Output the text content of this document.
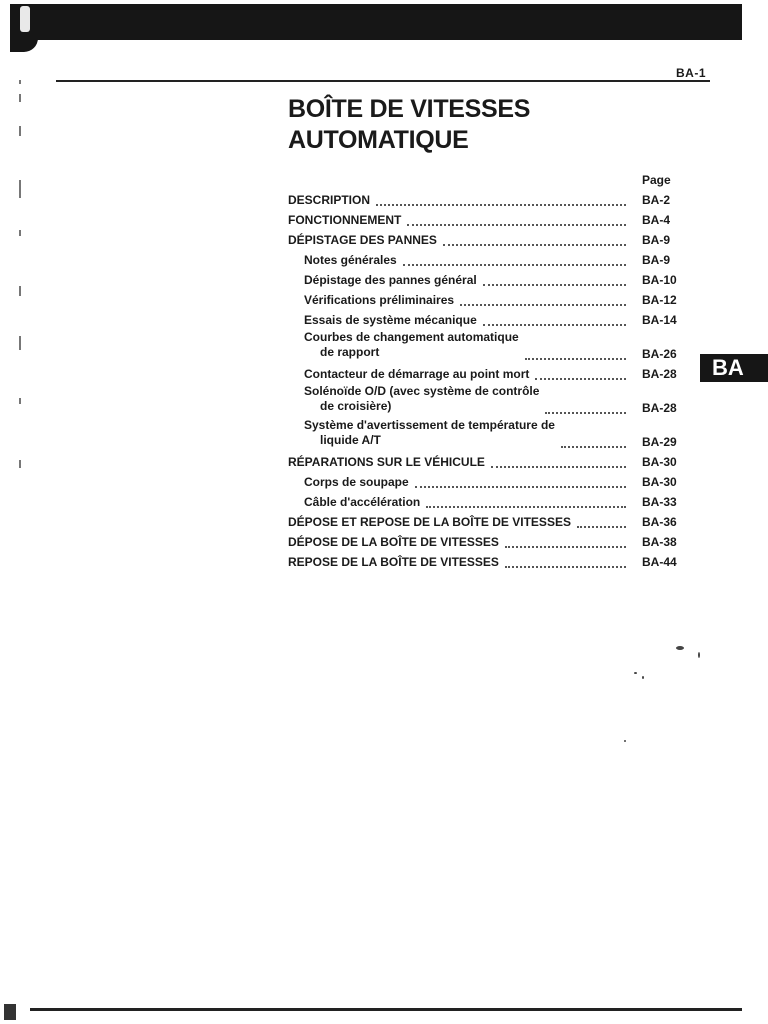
BA-1
BOÎTE DE VITESSES
AUTOMATIQUE
Page
DESCRIPTION	BA-2
FONCTIONNEMENT	BA-4
DÉPISTAGE DES PANNES	BA-9
Notes générales	BA-9
Dépistage des pannes général	BA-10
Vérifications préliminaires	BA-12
Essais de système mécanique	BA-14
Courbes de changement automatique
de rapport	BA-26
Contacteur de démarrage au point mort	BA-28
Solénoïde O/D (avec système de contrôle
de croisière)	BA-28
Système d'avertissement de température de
liquide A/T	BA-29
RÉPARATIONS SUR LE VÉHICULE	BA-30
Corps de soupape	BA-30
Câble d'accélération	BA-33
DÉPOSE ET REPOSE DE LA BOÎTE DE VITESSES	BA-36
DÉPOSE DE LA BOÎTE DE VITESSES	BA-38
REPOSE DE LA BOÎTE DE VITESSES	BA-44
BA
